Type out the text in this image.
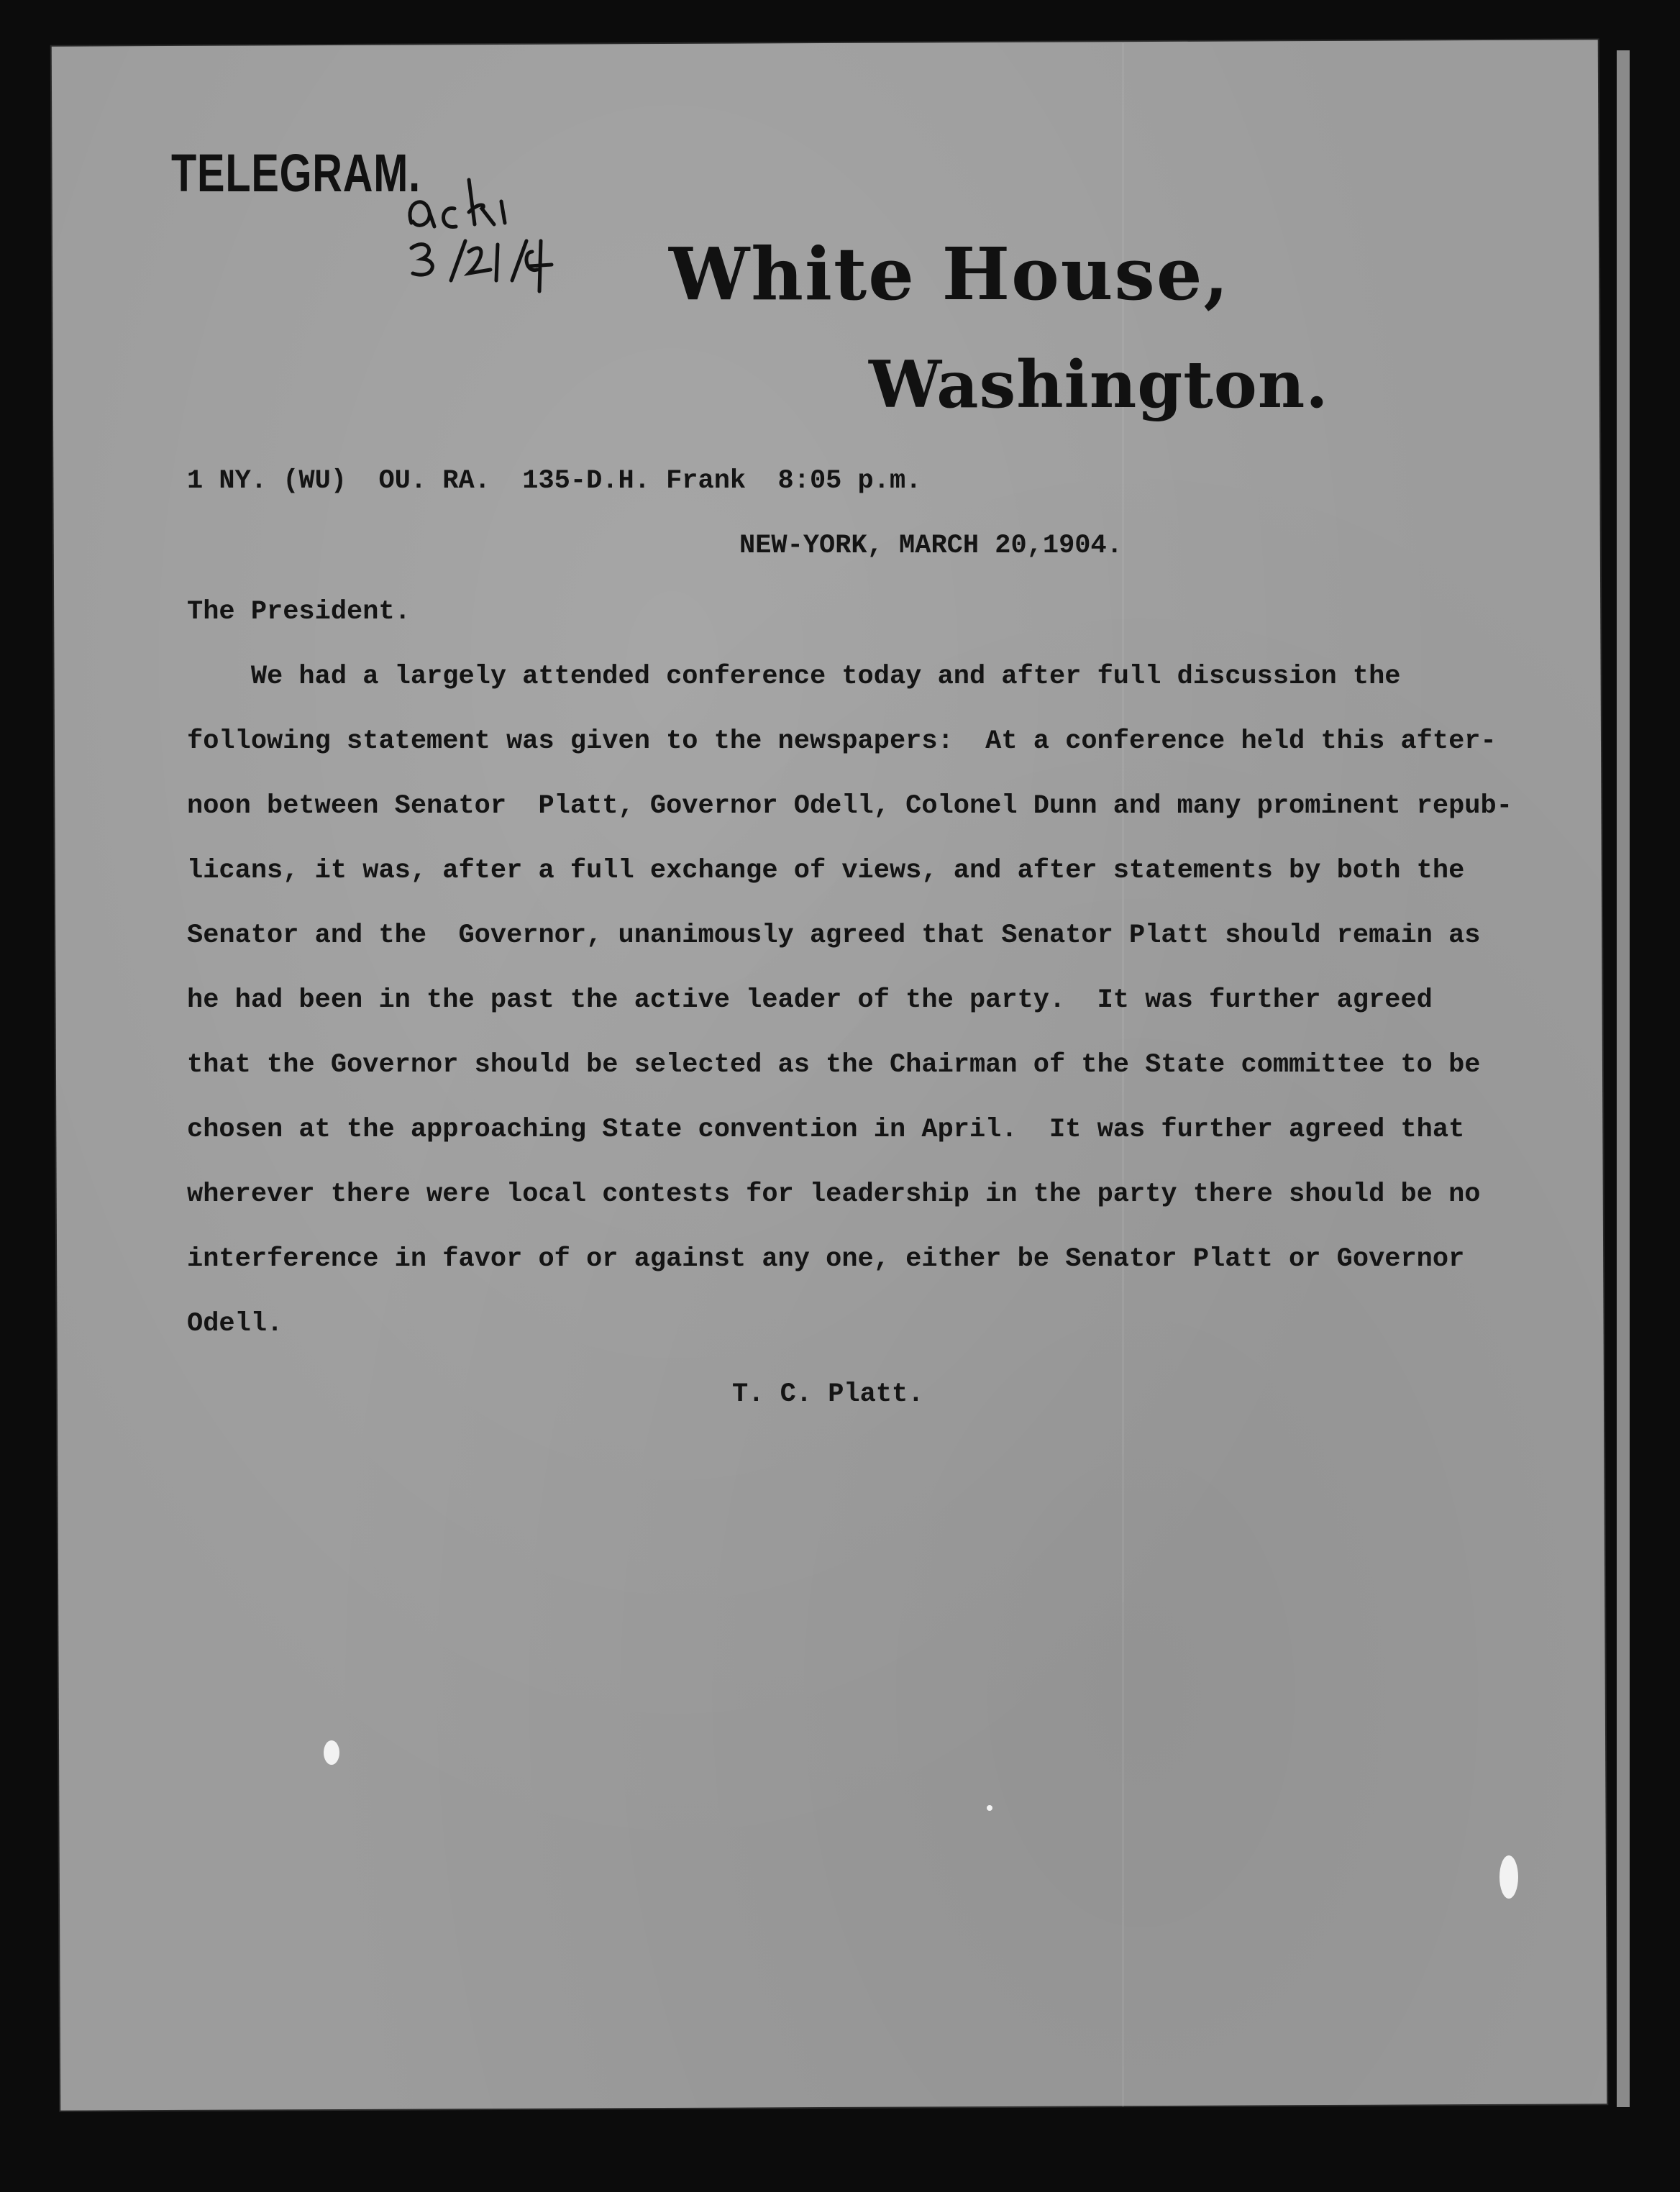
TELEGRAM.
White House,
Washington.
1 NY. (WU)  OU. RA.  135-D.H. Frank  8:05 p.m.
NEW-YORK, MARCH 20,1904.
The President.
We had a largely attended conference today and after full discussion the
following statement was given to the newspapers:  At a conference held this after-
noon between Senator  Platt, Governor Odell, Colonel Dunn and many prominent repub-
licans, it was, after a full exchange of views, and after statements by both the
Senator and the  Governor, unanimously agreed that Senator Platt should remain as
he had been in the past the active leader of the party.  It was further agreed
that the Governor should be selected as the Chairman of the State committee to be
chosen at the approaching State convention in April.  It was further agreed that
wherever there were local contests for leadership in the party there should be no
interference in favor of or against any one, either be Senator Platt or Governor
Odell.
T. C. Platt.
